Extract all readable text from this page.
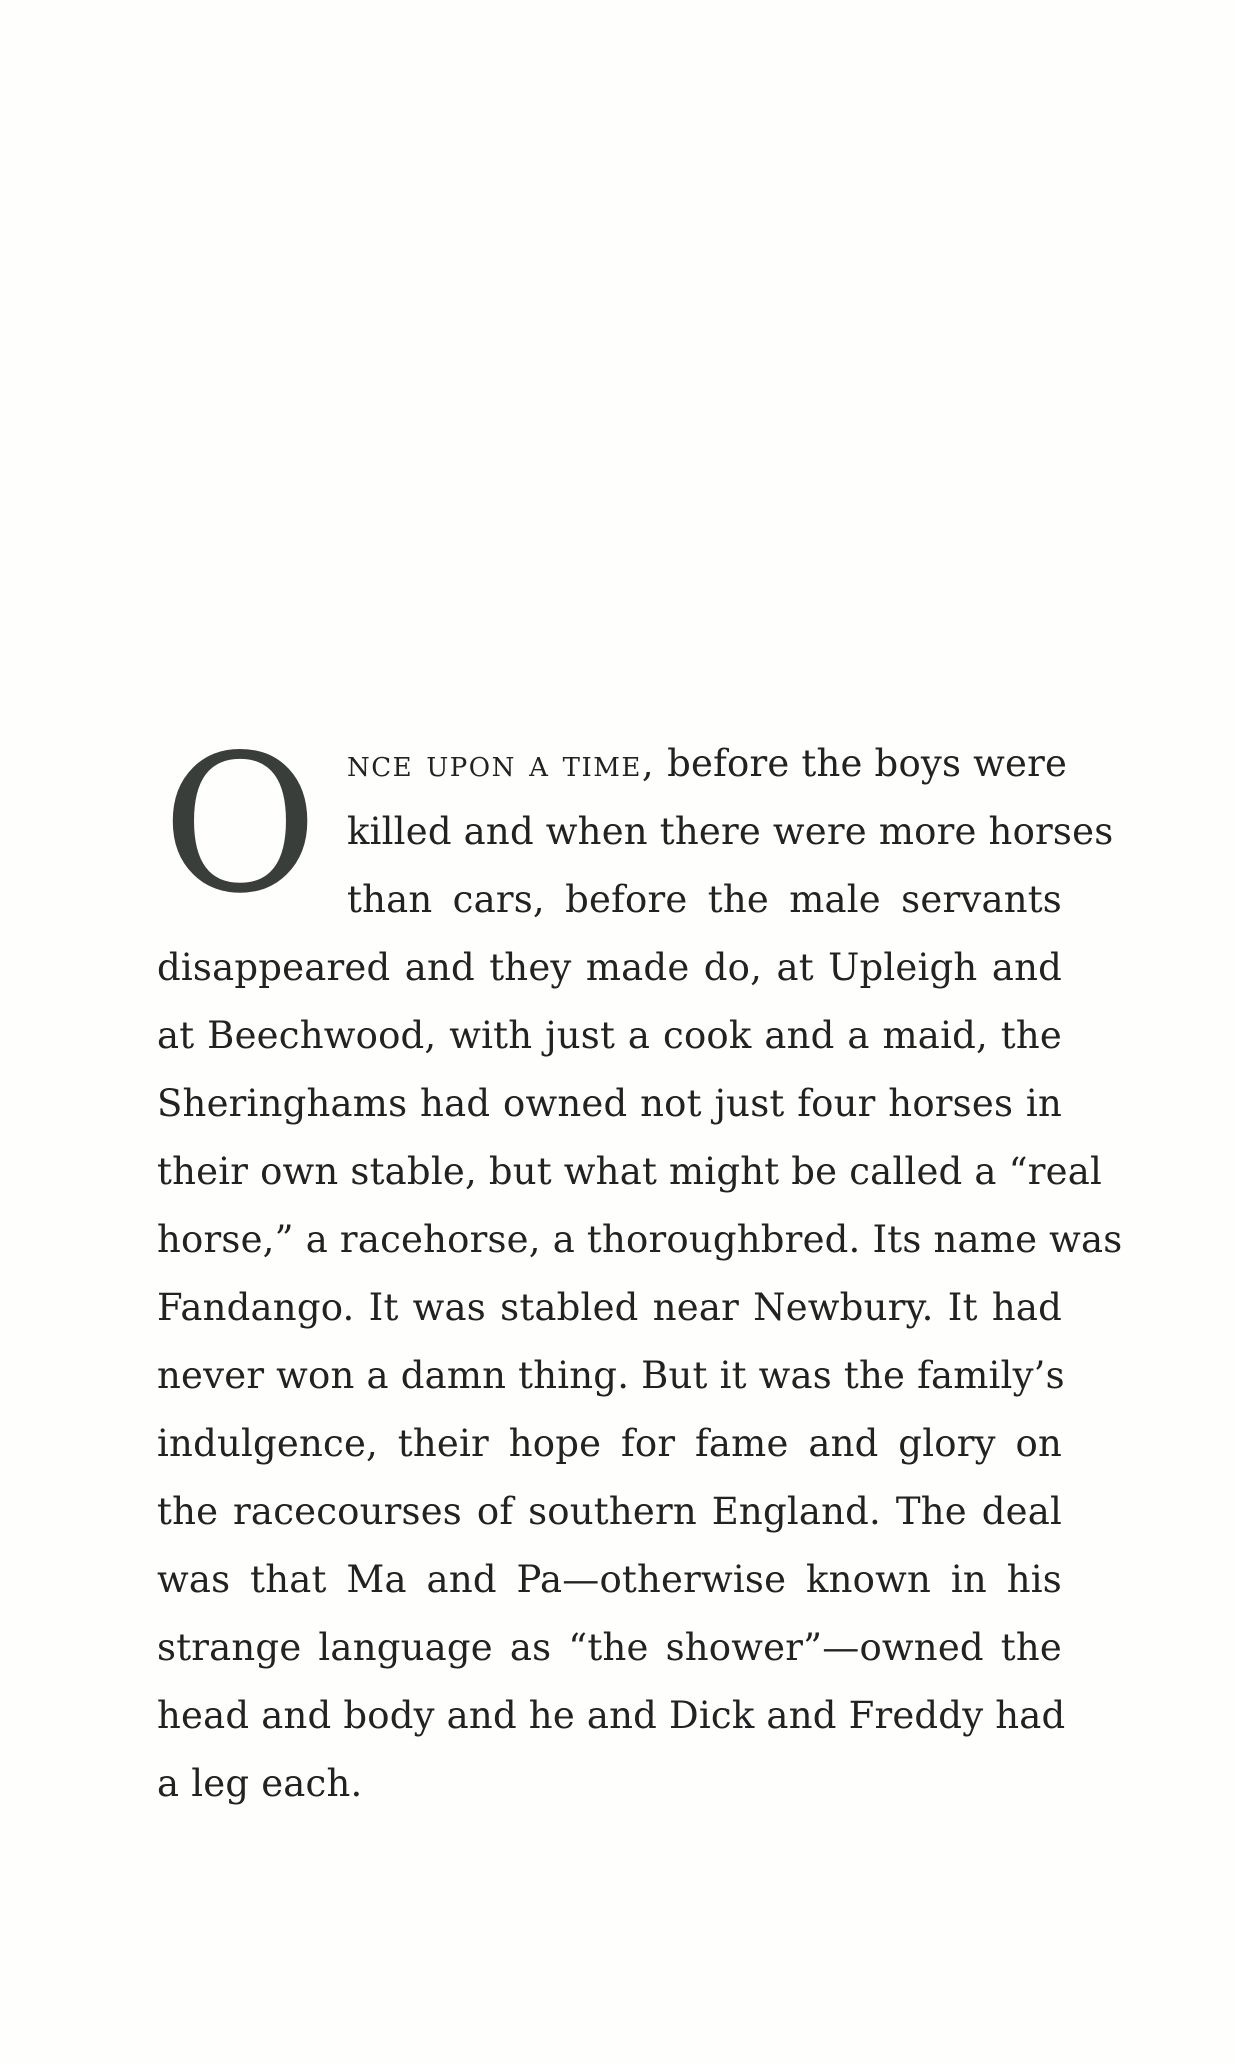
O nce upon a time, before the boys were
killed and when there were more horses
than cars, before the male servants
disappeared and they made do, at Upleigh and
at Beechwood, with just a cook and a maid, the
Sheringhams had owned not just four horses in
their own stable, but what might be called a “real
horse,” a racehorse, a thoroughbred. Its name was
Fandango. It was stabled near Newbury. It had
never won a damn thing. But it was the family’s
indulgence, their hope for fame and glory on
the racecourses of southern England. The deal
was that Ma and Pa—otherwise known in his
strange language as “the shower”—owned the
head and body and he and Dick and Freddy had
a leg each.
